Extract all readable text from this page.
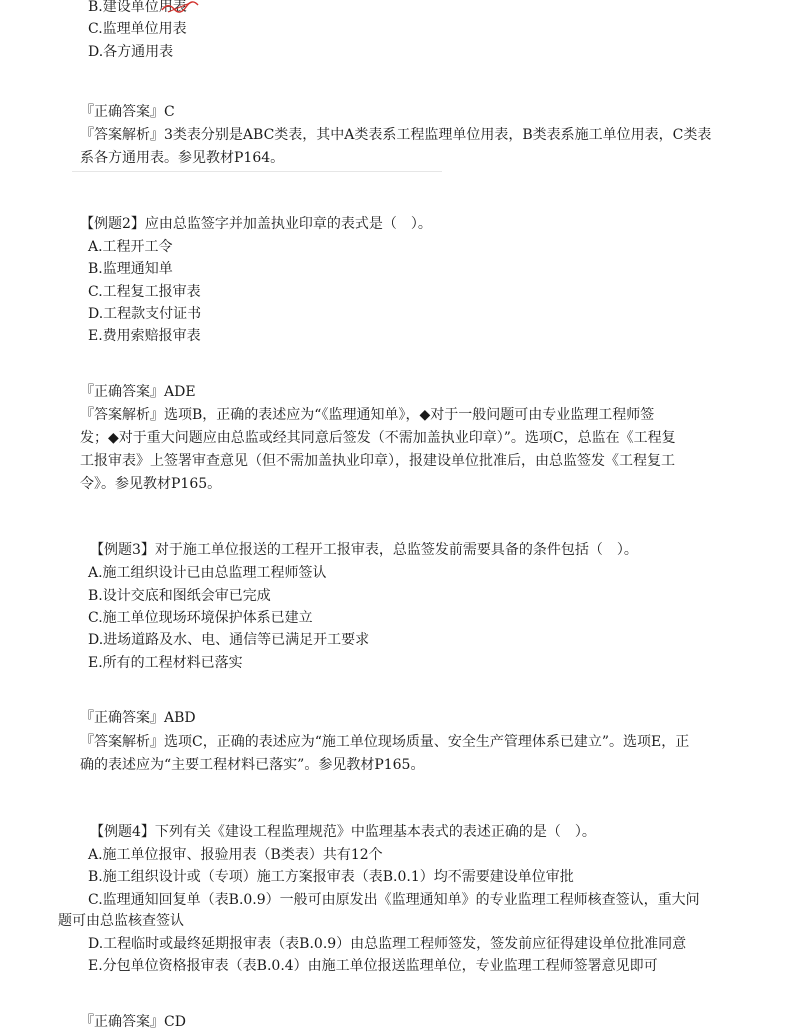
B.建设单位用表
C.监理单位用表
D.各方通用表
『正确答案』C
『答案解析』3类表分别是ABC类表，其中A类表系工程监理单位用表，B类表系施工单位用表，C类表
系各方通用表。参见教材P164。
【例题2】应由总监签字并加盖执业印章的表式是（　）。
A.工程开工令
B.监理通知单
C.工程复工报审表
D.工程款支付证书
E.费用索赔报审表
『正确答案』ADE
『答案解析』选项B，正确的表述应为“《监理通知单》，◆对于一般问题可由专业监理工程师签
发；◆对于重大问题应由总监或经其同意后签发（不需加盖执业印章）”。选项C，总监在《工程复
工报审表》上签署审查意见（但不需加盖执业印章），报建设单位批准后，由总监签发《工程复工
令》。参见教材P165。
【例题3】对于施工单位报送的工程开工报审表，总监签发前需要具备的条件包括（　）。
A.施工组织设计已由总监理工程师签认
B.设计交底和图纸会审已完成
C.施工单位现场环境保护体系已建立
D.进场道路及水、电、通信等已满足开工要求
E.所有的工程材料已落实
『正确答案』ABD
『答案解析』选项C，正确的表述应为“施工单位现场质量、安全生产管理体系已建立”。选项E，正
确的表述应为“主要工程材料已落实”。参见教材P165。
【例题4】下列有关《建设工程监理规范》中监理基本表式的表述正确的是（　）。
A.施工单位报审、报验用表（B类表）共有12个
B.施工组织设计或（专项）施工方案报审表（表B.0.1）均不需要建设单位审批
C.监理通知回复单（表B.0.9）一般可由原发出《监理通知单》的专业监理工程师核查签认，重大问
题可由总监核查签认
D.工程临时或最终延期报审表（表B.0.9）由总监理工程师签发，签发前应征得建设单位批准同意
E.分包单位资格报审表（表B.0.4）由施工单位报送监理单位，专业监理工程师签署意见即可
『正确答案』CD
